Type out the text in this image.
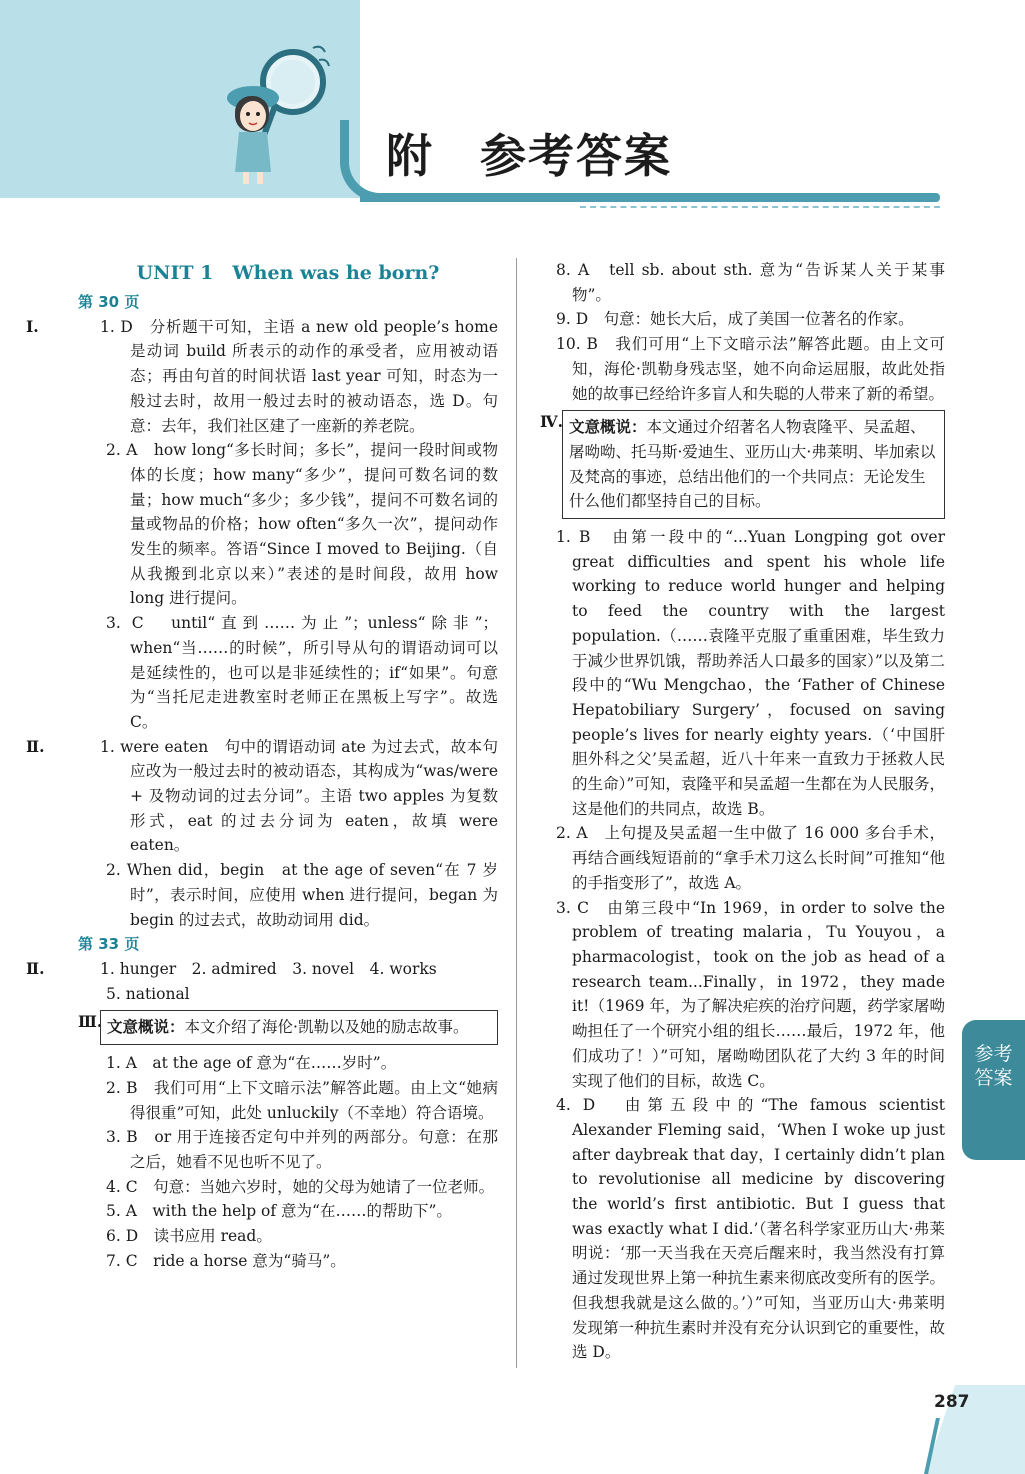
附 参考答案

UNIT 1　When was he born?

第 30 页

Ⅰ.	1. D　分析题干可知，主语 a new old people’s home 是动词 build 所表示的动作的承受者，应用被动语态；再由句首的时间状语 last year 可知，时态为一般过去时，故用一般过去时的被动语态，选 D。句意：去年，我们社区建了一座新的养老院。

2. A　how long“多长时间；多长”，提问一段时间或物体的长度；how many“多少”，提问可数名词的数量；how much“多少；多少钱”，提问不可数名词的量或物品的价格；how often“多久一次”，提问动作发生的频率。答语“Since I moved to Beijing.（自从我搬到北京以来）”表述的是时间段，故用 how long 进行提问。

3. C　until“直到……为止”；unless“除非”；when“当……的时候”，所引导从句的谓语动词可以是延续性的，也可以是非延续性的；if“如果”。句意为“当托尼走进教室时老师正在黑板上写字”。故选 C。

Ⅱ.	1. were eaten　句中的谓语动词 ate 为过去式，故本句应改为一般过去时的被动语态，其构成为“was/were + 及物动词的过去分词”。主语 two apples 为复数形式，eat 的过去分词为 eaten，故填 were eaten。

2. When did，begin　at the age of seven“在 7 岁时”，表示时间，应使用 when 进行提问，began 为 begin 的过去式，故助动词用 did。

第 33 页

Ⅱ.	1. hunger　2. admired　3. novel　4. works

5. national

Ⅲ. 文意概说：本文介绍了海伦·凯勒以及她的励志故事。

1. A　at the age of 意为“在……岁时”。

2. B　我们可用“上下文暗示法”解答此题。由上文“她病得很重”可知，此处 unluckily（不幸地）符合语境。

3. B　or 用于连接否定句中并列的两部分。句意：在那之后，她看不见也听不见了。

4. C　句意：当她六岁时，她的父母为她请了一位老师。

5. A　with the help of 意为“在……的帮助下”。

6. D　读书应用 read。

7. C　ride a horse 意为“骑马”。

8. A　tell sb. about sth. 意为“告诉某人关于某事物”。

9. D　句意：她长大后，成了美国一位著名的作家。

10. B　我们可用“上下文暗示法”解答此题。由上文可知，海伦·凯勒身残志坚，她不向命运屈服，故此处指她的故事已经给许多盲人和失聪的人带来了新的希望。

Ⅳ. 文意概说：本文通过介绍著名人物袁隆平、吴孟超、屠呦呦、托马斯·爱迪生、亚历山大·弗莱明、毕加索以及梵高的事迹，总结出他们的一个共同点：无论发生什么他们都坚持自己的目标。

1. B　由第一段中的“...Yuan Longping got over great difficulties and spent his whole life working to reduce world hunger and helping to feed the country with the largest population.（……袁隆平克服了重重困难，毕生致力于减少世界饥饿，帮助养活人口最多的国家）”以及第二段中的“Wu Mengchao，the ‘Father of Chinese Hepatobiliary Surgery’，focused on saving people’s lives for nearly eighty years.（‘中国肝胆外科之父’吴孟超，近八十年来一直致力于拯救人民的生命）”可知，袁隆平和吴孟超一生都在为人民服务，这是他们的共同点，故选 B。

2. A　上句提及吴孟超一生中做了 16 000 多台手术，再结合画线短语前的“拿手术刀这么长时间”可推知“他的手指变形了”，故选 A。

3. C　由第三段中“In 1969，in order to solve the problem of treating malaria，Tu Youyou，a pharmacologist，took on the job as head of a research team...Finally，in 1972，they made it!（1969 年，为了解决疟疾的治疗问题，药学家屠呦呦担任了一个研究小组的组长……最后，1972 年，他们成功了！）”可知，屠呦呦团队花了大约 3 年的时间实现了他们的目标，故选 C。

4. D　由第五段中的“The famous scientist Alexander Fleming said，‘When I woke up just after daybreak that day，I certainly didn’t plan to revolutionise all medicine by discovering the world’s first antibiotic. But I guess that was exactly what I did.’（著名科学家亚历山大·弗莱明说：‘那一天当我在天亮后醒来时，我当然没有打算通过发现世界上第一种抗生素来彻底改变所有的医学。但我想我就是这么做的。’）”可知，当亚历山大·弗莱明发现第一种抗生素时并没有充分认识到它的重要性，故选 D。

参考
答案
287
